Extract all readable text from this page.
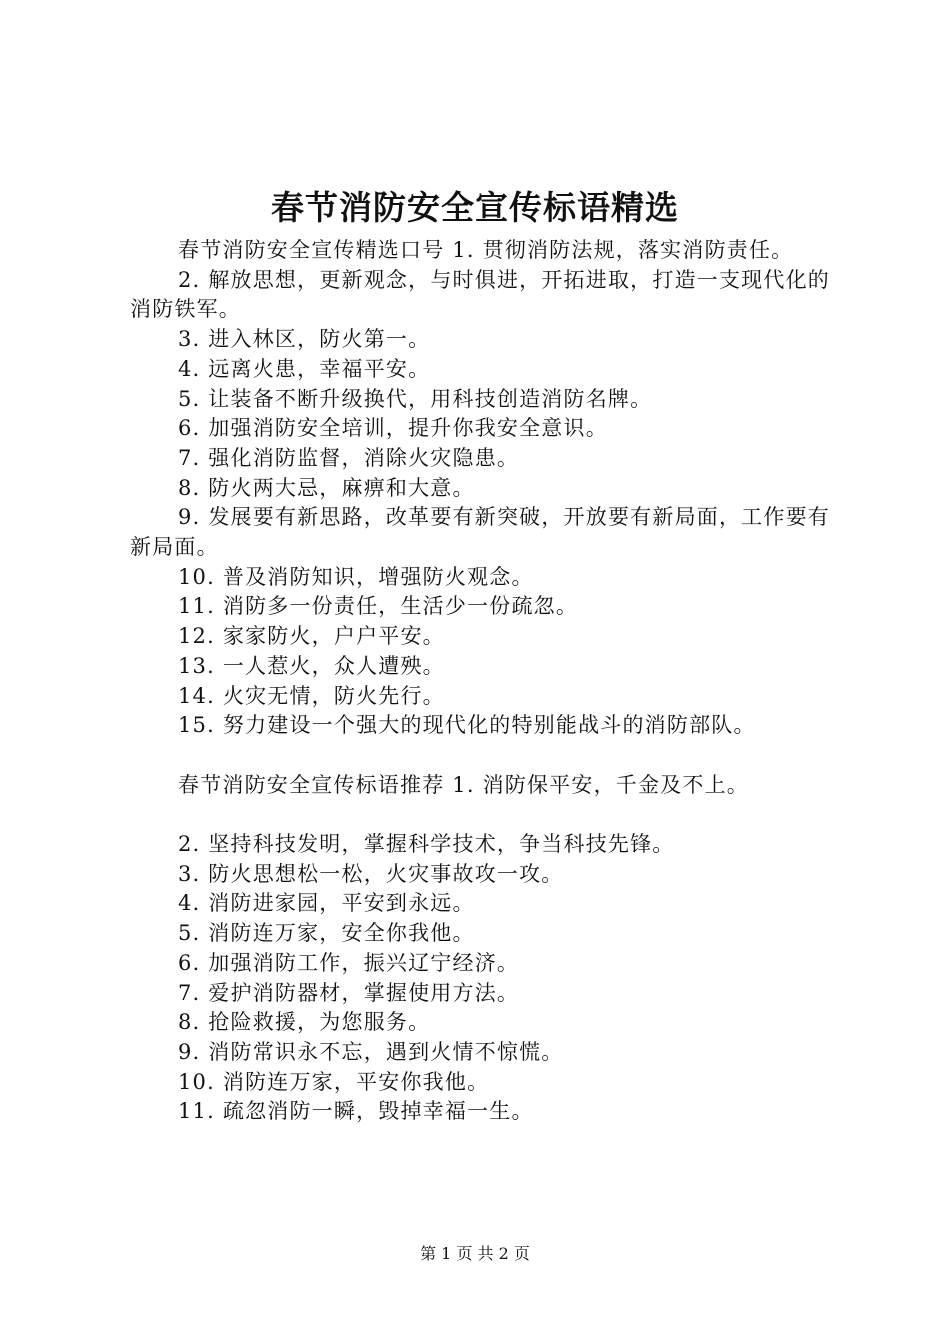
春节消防安全宣传标语精选

春节消防安全宣传精选口号 1. 贯彻消防法规，落实消防责任。

2. 解放思想，更新观念，与时俱进，开拓进取，打造一支现代化的消防铁军。

3. 进入林区，防火第一。

4. 远离火患，幸福平安。

5. 让装备不断升级换代，用科技创造消防名牌。

6. 加强消防安全培训，提升你我安全意识。

7. 强化消防监督，消除火灾隐患。

8. 防火两大忌，麻痹和大意。

9. 发展要有新思路，改革要有新突破，开放要有新局面，工作要有新局面。

10. 普及消防知识，增强防火观念。

11. 消防多一份责任，生活少一份疏忽。

12. 家家防火，户户平安。

13. 一人惹火，众人遭殃。

14. 火灾无情，防火先行。

15. 努力建设一个强大的现代化的特别能战斗的消防部队。

春节消防安全宣传标语推荐 1. 消防保平安，千金及不上。

2. 坚持科技发明，掌握科学技术，争当科技先锋。

3. 防火思想松一松，火灾事故攻一攻。

4. 消防进家园，平安到永远。

5. 消防连万家，安全你我他。

6. 加强消防工作，振兴辽宁经济。

7. 爱护消防器材，掌握使用方法。

8. 抢险救援，为您服务。

9. 消防常识永不忘，遇到火情不惊慌。

10. 消防连万家，平安你我他。

11. 疏忽消防一瞬，毁掉幸福一生。

第 1 页 共 2 页
